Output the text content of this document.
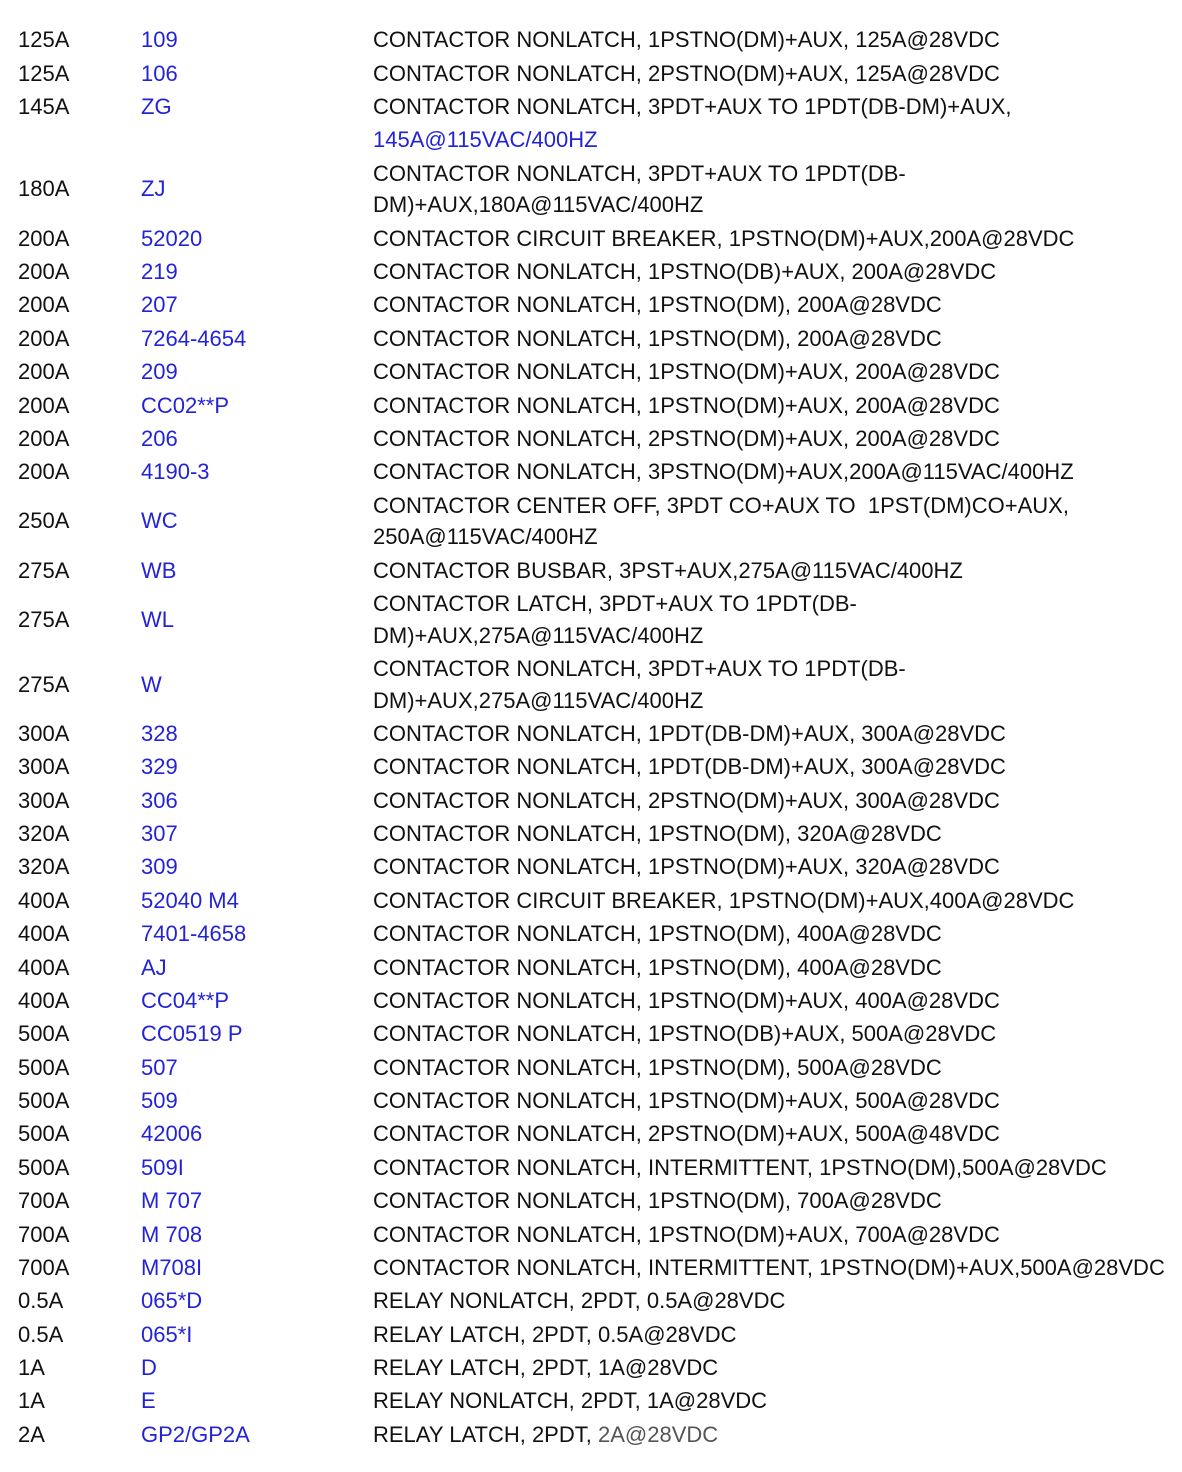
125A	109	CONTACTOR NONLATCH, 1PSTNO(DM)+AUX, 125A@28VDC
125A	106	CONTACTOR NONLATCH, 2PSTNO(DM)+AUX, 125A@28VDC
145A	ZG	CONTACTOR NONLATCH, 3PDT+AUX TO 1PDT(DB-DM)+AUX,
		145A@115VAC/400HZ
180A	ZJ	CONTACTOR NONLATCH, 3PDT+AUX TO 1PDT(DB-DM)+AUX,180A@115VAC/400HZ
200A	52020	CONTACTOR CIRCUIT BREAKER, 1PSTNO(DM)+AUX,200A@28VDC
200A	219	CONTACTOR NONLATCH, 1PSTNO(DB)+AUX, 200A@28VDC
200A	207	CONTACTOR NONLATCH, 1PSTNO(DM), 200A@28VDC
200A	7264-4654	CONTACTOR NONLATCH, 1PSTNO(DM), 200A@28VDC
200A	209	CONTACTOR NONLATCH, 1PSTNO(DM)+AUX, 200A@28VDC
200A	CC02**P	CONTACTOR NONLATCH, 1PSTNO(DM)+AUX, 200A@28VDC
200A	206	CONTACTOR NONLATCH, 2PSTNO(DM)+AUX, 200A@28VDC
200A	4190-3	CONTACTOR NONLATCH, 3PSTNO(DM)+AUX,200A@115VAC/400HZ
250A	WC	CONTACTOR CENTER OFF, 3PDT CO+AUX TO  1PST(DM)CO+AUX, 250A@115VAC/400HZ
275A	WB	CONTACTOR BUSBAR, 3PST+AUX,275A@115VAC/400HZ
275A	WL	CONTACTOR LATCH, 3PDT+AUX TO 1PDT(DB-DM)+AUX,275A@115VAC/400HZ
275A	W	CONTACTOR NONLATCH, 3PDT+AUX TO 1PDT(DB-DM)+AUX,275A@115VAC/400HZ
300A	328	CONTACTOR NONLATCH, 1PDT(DB-DM)+AUX, 300A@28VDC
300A	329	CONTACTOR NONLATCH, 1PDT(DB-DM)+AUX, 300A@28VDC
300A	306	CONTACTOR NONLATCH, 2PSTNO(DM)+AUX, 300A@28VDC
320A	307	CONTACTOR NONLATCH, 1PSTNO(DM), 320A@28VDC
320A	309	CONTACTOR NONLATCH, 1PSTNO(DM)+AUX, 320A@28VDC
400A	52040 M4	CONTACTOR CIRCUIT BREAKER, 1PSTNO(DM)+AUX,400A@28VDC
400A	7401-4658	CONTACTOR NONLATCH, 1PSTNO(DM), 400A@28VDC
400A	AJ	CONTACTOR NONLATCH, 1PSTNO(DM), 400A@28VDC
400A	CC04**P	CONTACTOR NONLATCH, 1PSTNO(DM)+AUX, 400A@28VDC
500A	CC0519 P	CONTACTOR NONLATCH, 1PSTNO(DB)+AUX, 500A@28VDC
500A	507	CONTACTOR NONLATCH, 1PSTNO(DM), 500A@28VDC
500A	509	CONTACTOR NONLATCH, 1PSTNO(DM)+AUX, 500A@28VDC
500A	42006	CONTACTOR NONLATCH, 2PSTNO(DM)+AUX, 500A@48VDC
500A	509I	CONTACTOR NONLATCH, INTERMITTENT, 1PSTNO(DM),500A@28VDC
700A	M 707	CONTACTOR NONLATCH, 1PSTNO(DM), 700A@28VDC
700A	M 708	CONTACTOR NONLATCH, 1PSTNO(DM)+AUX, 700A@28VDC
700A	M708I	CONTACTOR NONLATCH, INTERMITTENT, 1PSTNO(DM)+AUX,500A@28VDC
0.5A	065*D	RELAY NONLATCH, 2PDT, 0.5A@28VDC
0.5A	065*I	RELAY LATCH, 2PDT, 0.5A@28VDC
1A	D	RELAY LATCH, 2PDT, 1A@28VDC
1A	E	RELAY NONLATCH, 2PDT, 1A@28VDC
2A	GP2/GP2A	RELAY LATCH, 2PDT, 2A@28VDC
